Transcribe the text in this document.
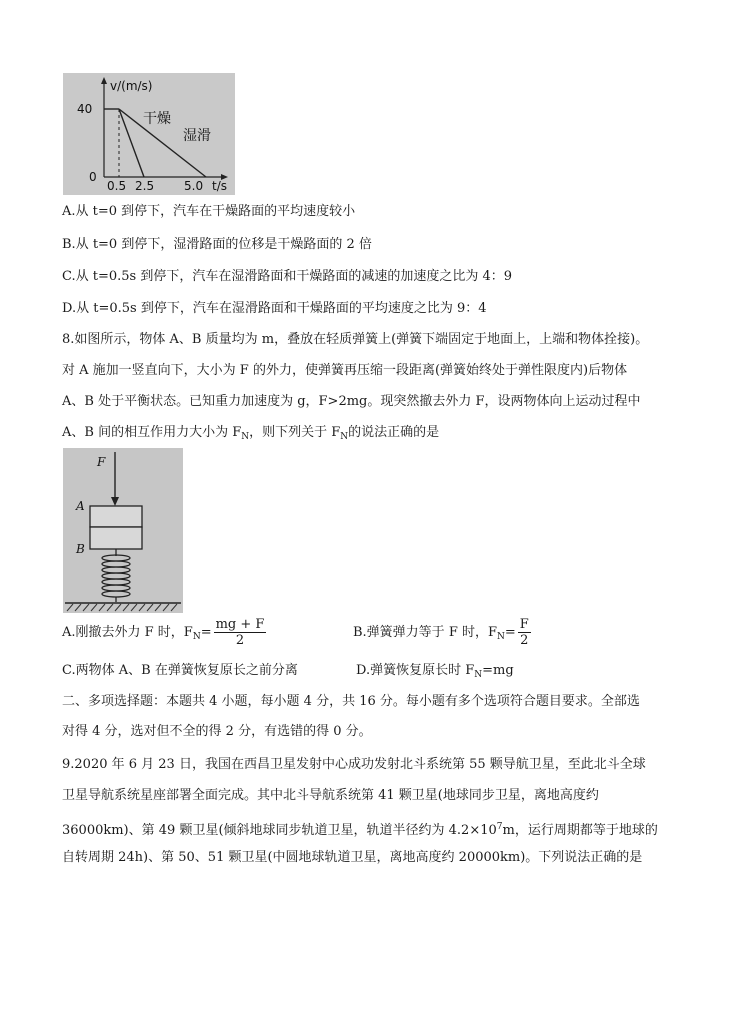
v/(m/s)
40
0
0.5 2.5 5.0 t/s
干燥
湿滑
A.从 t=0 到停下，汽车在干燥路面的平均速度较小
B.从 t=0 到停下，湿滑路面的位移是干燥路面的 2 倍
C.从 t=0.5s 到停下，汽车在湿滑路面和干燥路面的减速的加速度之比为 4：9
D.从 t=0.5s 到停下，汽车在湿滑路面和干燥路面的平均速度之比为 9：4
8.如图所示，物体 A、B 质量均为 m，叠放在轻质弹簧上(弹簧下端固定于地面上，上端和物体拴接)。
对 A 施加一竖直向下，大小为 F 的外力，使弹簧再压缩一段距离(弹簧始终处于弹性限度内)后物体
A、B 处于平衡状态。已知重力加速度为 g，F>2mg。现突然撤去外力 F，设两物体向上运动过程中
A、B 间的相互作用力大小为 $F_N$，则下列关于 $F_N$的说法正确的是
F
A
B
A.刚撤去外力 F 时，$F_N= \frac{mg + F}{2}$	B.弹簧弹力等于 F 时，$F_N= \frac{F}{2}$
C.两物体 A、B 在弹簧恢复原长之前分离	D.弹簧恢复原长时 $F_N=mg$
二、多项选择题：本题共 4 小题，每小题 4 分，共 16 分。每小题有多个选项符合题目要求。全部选
对得 4 分，选对但不全的得 2 分，有选错的得 0 分。
9.2020 年 6 月 23 日，我国在西昌卫星发射中心成功发射北斗系统第 55 颗导航卫星，至此北斗全球
卫星导航系统星座部署全面完成。其中北斗导航系统第 41 颗卫星(地球同步卫星，离地高度约
36000km)、第 49 颗卫星(倾斜地球同步轨道卫星，轨道半径约为 $4.2\times 10^7m$，运行周期都等于地球的
自转周期 24h)、第 50、51 颗卫星(中圆地球轨道卫星，离地高度约 20000km)。下列说法正确的是
